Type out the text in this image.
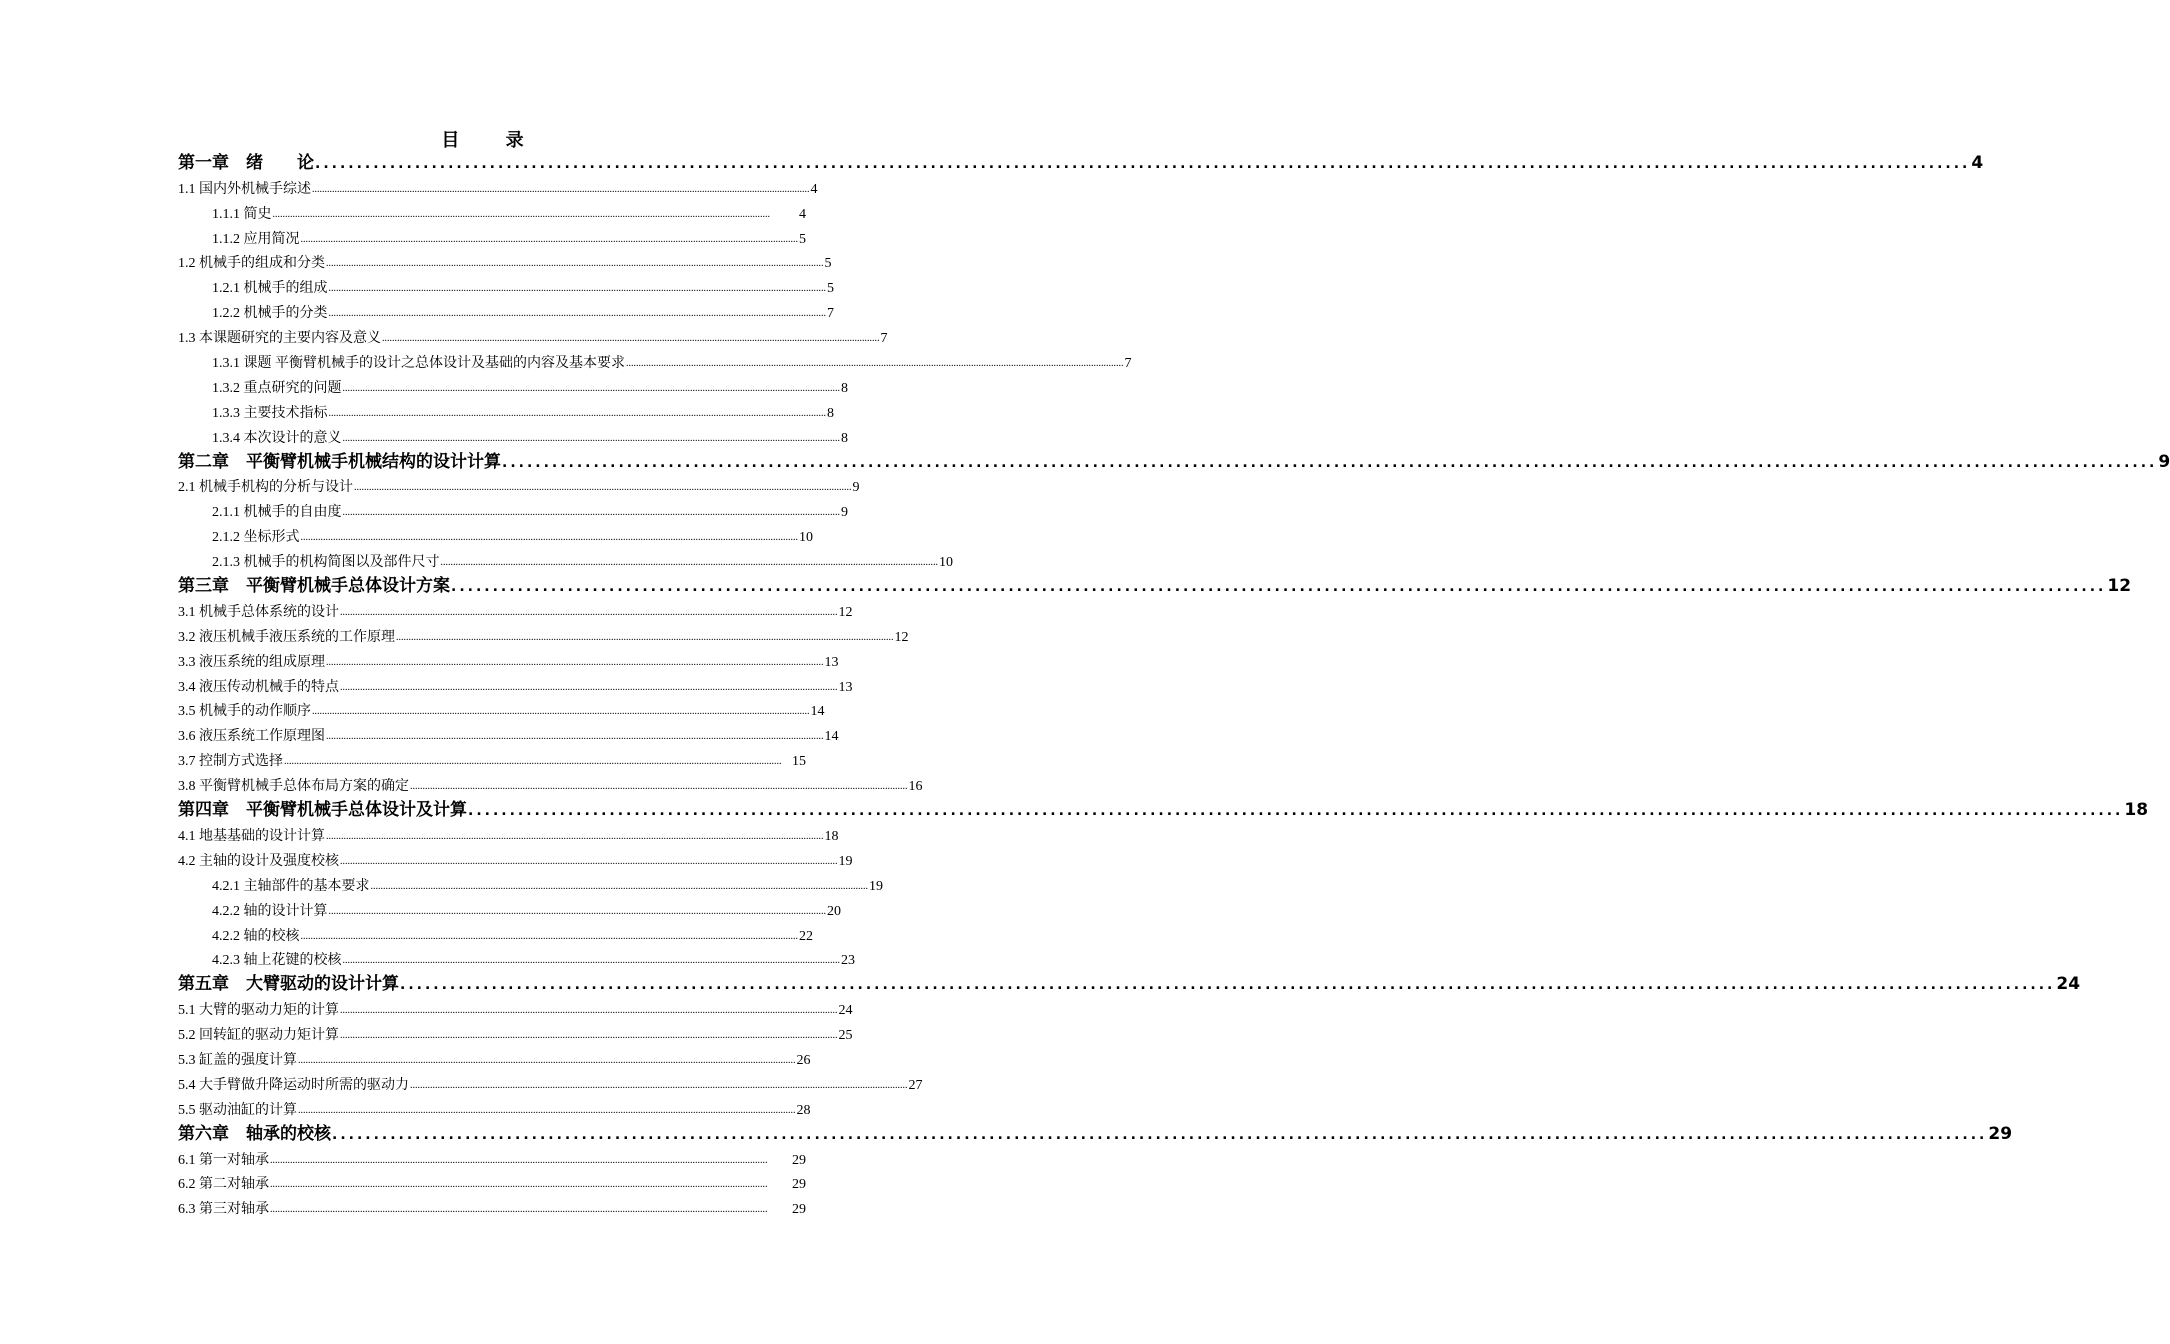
目 录
第一章　绪　　论 ....................................................................................................................................................................................................... 4
1.1 国内外机械手综述 ....................................................................................................................................................................................................... 4
1.1.1 简史 .......................................................................................................................................................................................................	4
1.1.2 应用简况 ....................................................................................................................................................................................................... 5
1.2 机械手的组成和分类 ....................................................................................................................................................................................................... 5
1.2.1 机械手的组成 ....................................................................................................................................................................................................... 5
1.2.2 机械手的分类 ....................................................................................................................................................................................................... 7
1.3 本课题研究的主要内容及意义 ....................................................................................................................................................................................................... 7
1.3.1 课题 平衡臂机械手的设计之总体设计及基础的内容及基本要求 ....................................................................................................................................................................................................... 7
1.3.2 重点研究的问题 ....................................................................................................................................................................................................... 8
1.3.3 主要技术指标 ....................................................................................................................................................................................................... 8
1.3.4 本次设计的意义 ....................................................................................................................................................................................................... 8
第二章　平衡臂机械手机械结构的设计计算 ....................................................................................................................................................................................................... 9
2.1 机械手机构的分析与设计 ....................................................................................................................................................................................................... 9
2.1.1 机械手的自由度 ....................................................................................................................................................................................................... 9
2.1.2 坐标形式 ....................................................................................................................................................................................................... 10
2.1.3 机械手的机构简图以及部件尺寸 ....................................................................................................................................................................................................... 10
第三章　平衡臂机械手总体设计方案 ....................................................................................................................................................................................................... 12
3.1 机械手总体系统的设计 ....................................................................................................................................................................................................... 12
3.2 液压机械手液压系统的工作原理 ....................................................................................................................................................................................................... 12
3.3 液压系统的组成原理 ....................................................................................................................................................................................................... 13
3.4 液压传动机械手的特点 ....................................................................................................................................................................................................... 13
3.5 机械手的动作顺序 ....................................................................................................................................................................................................... 14
3.6 液压系统工作原理图 ....................................................................................................................................................................................................... 14
3.7 控制方式选择 ....................................................................................................................................................................................................... 15
3.8 平衡臂机械手总体布局方案的确定 ....................................................................................................................................................................................................... 16
第四章　平衡臂机械手总体设计及计算 ....................................................................................................................................................................................................... 18
4.1 地基基础的设计计算 ....................................................................................................................................................................................................... 18
4.2 主轴的设计及强度校核 ....................................................................................................................................................................................................... 19
4.2.1 主轴部件的基本要求 ....................................................................................................................................................................................................... 19
4.2.2 轴的设计计算 ....................................................................................................................................................................................................... 20
4.2.2 轴的校核 ....................................................................................................................................................................................................... 22
4.2.3 轴上花键的校核 ....................................................................................................................................................................................................... 23
第五章　大臂驱动的设计计算 ....................................................................................................................................................................................................... 24
5.1 大臂的驱动力矩的计算 ....................................................................................................................................................................................................... 24
5.2 回转缸的驱动力矩计算 ....................................................................................................................................................................................................... 25
5.3 缸盖的强度计算 ....................................................................................................................................................................................................... 26
5.4 大手臂做升降运动时所需的驱动力 ....................................................................................................................................................................................................... 27
5.5 驱动油缸的计算 ....................................................................................................................................................................................................... 28
第六章　轴承的校核 ....................................................................................................................................................................................................... 29
6.1 第一对轴承 .......................................................................................................................................................................................................	29
6.2 第二对轴承 .......................................................................................................................................................................................................	29
6.3 第三对轴承 .......................................................................................................................................................................................................	29
